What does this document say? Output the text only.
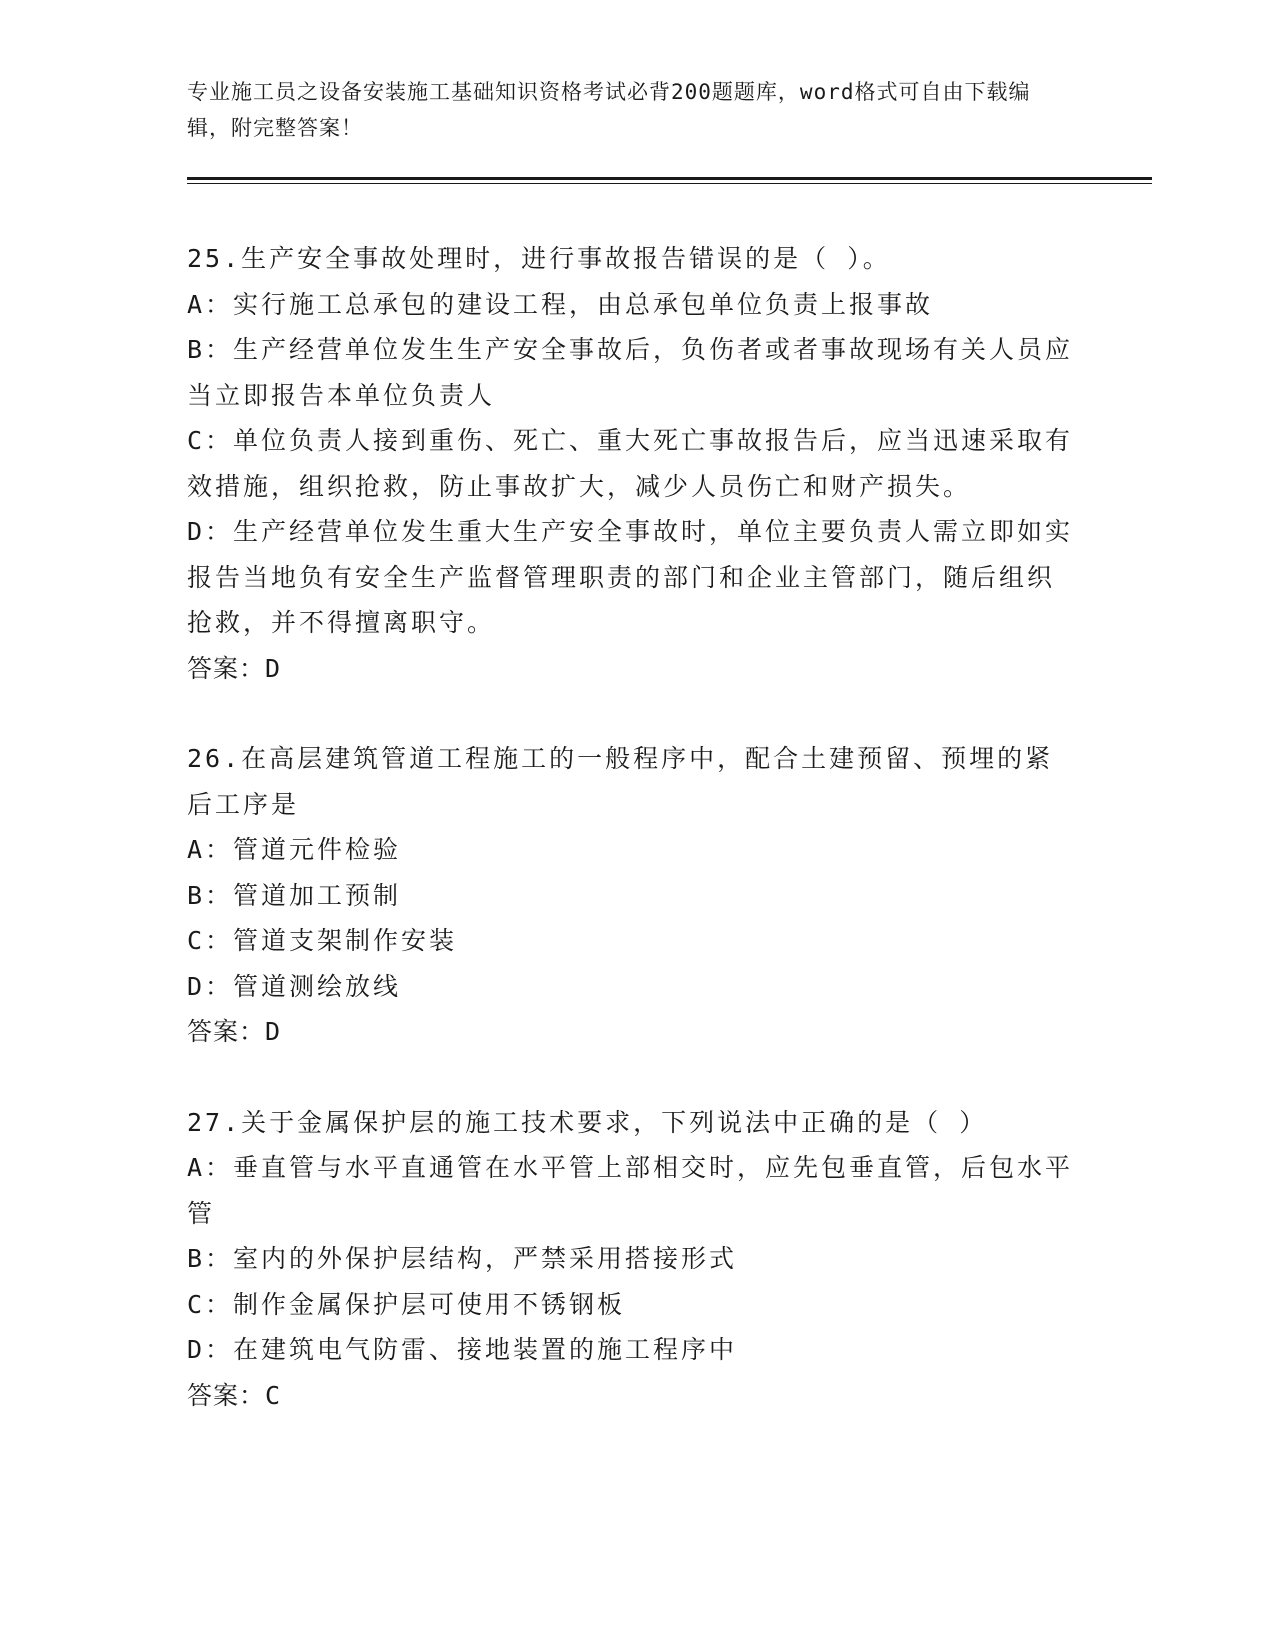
专业施工员之设备安装施工基础知识资格考试必背200题题库，word格式可自由下载编辑，附完整答案！
25.生产安全事故处理时，进行事故报告错误的是（ ）。
A：实行施工总承包的建设工程，由总承包单位负责上报事故
B：生产经营单位发生生产安全事故后，负伤者或者事故现场有关人员应当立即报告本单位负责人
C：单位负责人接到重伤、死亡、重大死亡事故报告后，应当迅速采取有效措施，组织抢救，防止事故扩大，减少人员伤亡和财产损失。
D：生产经营单位发生重大生产安全事故时，单位主要负责人需立即如实报告当地负有安全生产监督管理职责的部门和企业主管部门，随后组织抢救，并不得擅离职守。
答案：D
26.在高层建筑管道工程施工的一般程序中，配合土建预留、预埋的紧后工序是
A：管道元件检验
B：管道加工预制
C：管道支架制作安装
D：管道测绘放线
答案：D
27.关于金属保护层的施工技术要求，下列说法中正确的是（ ）
A：垂直管与水平直通管在水平管上部相交时，应先包垂直管，后包水平管
B：室内的外保护层结构，严禁采用搭接形式
C：制作金属保护层可使用不锈钢板
D：在建筑电气防雷、接地装置的施工程序中
答案：C
